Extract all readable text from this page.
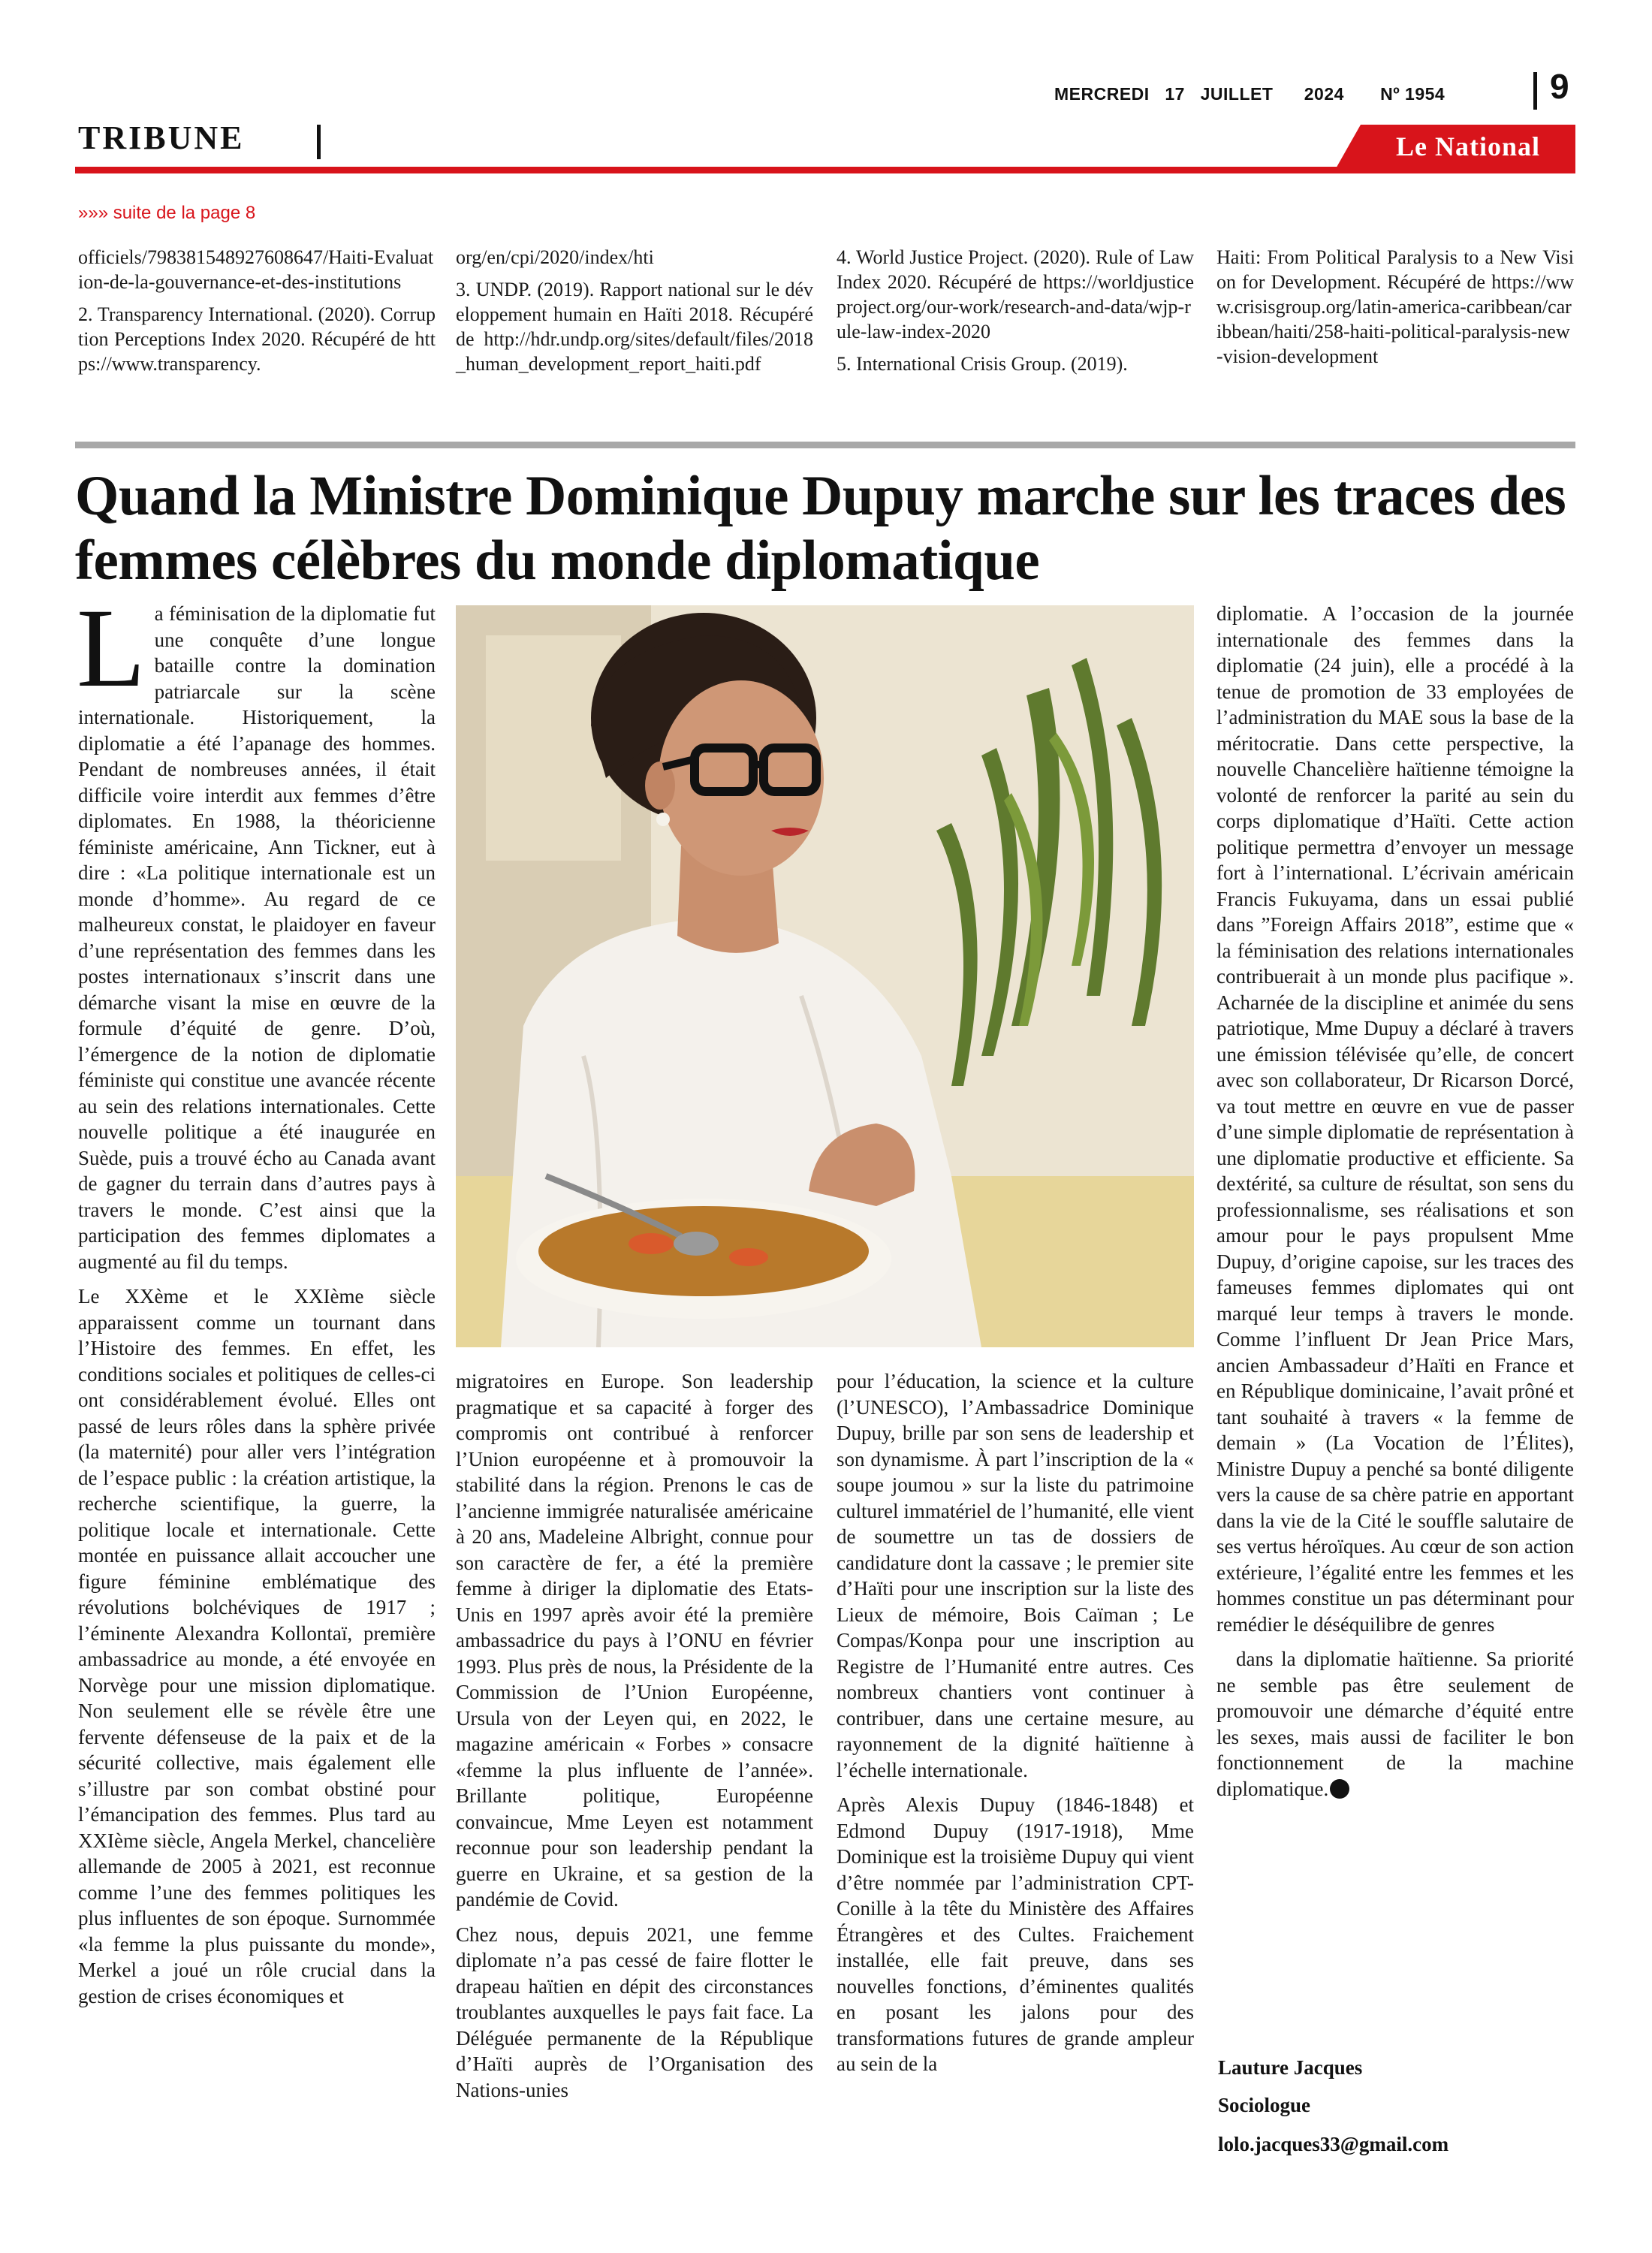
MERCREDI 17 JUILLET 2024 Nº 1954	9
TRIBUNE	Le National
»»» suite de la page 8

officiels/798381548927608647/Haiti-Evaluation-de-la-gouvernance-et-des-institutions

2. Transparency International. (2020). Corruption Perceptions Index 2020. Récupéré de https://www.transparency.

org/en/cpi/2020/index/hti

3. UNDP. (2019). Rapport national sur le développement humain en Haïti 2018. Récupéré de http://hdr.undp.org/sites/default/files/2018_human_development_report_haiti.pdf

4. World Justice Project. (2020). Rule of Law Index 2020. Récupéré de https://worldjusticeproject.org/our-work/research-and-data/wjp-rule-law-index-2020

5. International Crisis Group. (2019).

Haiti: From Political Paralysis to a New Vision for Development. Récupéré de https://www.crisisgroup.org/latin-america-caribbean/caribbean/haiti/258-haiti-political-paralysis-new-vision-development

Quand la Ministre Dominique Dupuy marche sur les traces des femmes célèbres du monde diplomatique

La féminisation de la diplomatie fut une conquête d’une longue bataille contre la domination patriarcale sur la scène internationale. Historiquement, la diplomatie a été l’apanage des hommes. Pendant de nombreuses années, il était difficile voire interdit aux femmes d’être diplomates. En 1988, la théoricienne féministe américaine, Ann Tickner, eut à dire : «La politique internationale est un monde d’homme». Au regard de ce malheureux constat, le plaidoyer en faveur d’une représentation des femmes dans les postes internationaux s’inscrit dans une démarche visant la mise en œuvre de la formule d’équité de genre. D’où, l’émergence de la notion de diplomatie féministe qui constitue une avancée récente au sein des relations internationales. Cette nouvelle politique a été inaugurée en Suède, puis a trouvé écho au Canada avant de gagner du terrain dans d’autres pays à travers le monde. C’est ainsi que la participation des femmes diplomates a augmenté au fil du temps.

Le XXème et le XXIème siècle apparaissent comme un tournant dans l’Histoire des femmes. En effet, les conditions sociales et politiques de celles-ci ont considérablement évolué. Elles ont passé de leurs rôles dans la sphère privée (la maternité) pour aller vers l’intégration de l’espace public : la création artistique, la recherche scientifique, la guerre, la politique locale et internationale. Cette montée en puissance allait accoucher une figure féminine emblématique des révolutions bolchéviques de 1917 ; l’éminente Alexandra Kollontaï, première ambassadrice au monde, a été envoyée en Norvège pour une mission diplomatique. Non seulement elle se révèle être une fervente défenseuse de la paix et de la sécurité collective, mais également elle s’illustre par son combat obstiné pour l’émancipation des femmes. Plus tard au XXIème siècle, Angela Merkel, chancelière allemande de 2005 à 2021, est reconnue comme l’une des femmes politiques les plus influentes de son époque. Surnommée «la femme la plus puissante du monde», Merkel a joué un rôle crucial dans la gestion de crises économiques et

migratoires en Europe. Son leadership pragmatique et sa capacité à forger des compromis ont contribué à renforcer l’Union européenne et à promouvoir la stabilité dans la région. Prenons le cas de l’ancienne immigrée naturalisée américaine à 20 ans, Madeleine Albright, connue pour son caractère de fer, a été la première femme à diriger la diplomatie des Etats-Unis en 1997 après avoir été la première ambassadrice du pays à l’ONU en février 1993. Plus près de nous, la Présidente de la Commission de l’Union Européenne, Ursula von der Leyen qui, en 2022, le magazine américain « Forbes » consacre «femme la plus influente de l’année». Brillante politique, Européenne convaincue, Mme Leyen est notamment reconnue pour son leadership pendant la guerre en Ukraine, et sa gestion de la pandémie de Covid.

Chez nous, depuis 2021, une femme diplomate n’a pas cessé de faire flotter le drapeau haïtien en dépit des circonstances troublantes auxquelles le pays fait face. La Déléguée permanente de la République d’Haïti auprès de l’Organisation des Nations-unies

pour l’éducation, la science et la culture (l’UNESCO), l’Ambassadrice Dominique Dupuy, brille par son sens de leadership et son dynamisme. À part l’inscription de la « soupe joumou » sur la liste du patrimoine culturel immatériel de l’humanité, elle vient de soumettre un tas de dossiers de candidature dont la cassave ; le premier site d’Haïti pour une inscription sur la liste des Lieux de mémoire, Bois Caïman ; Le Compas/Konpa pour une inscription au Registre de l’Humanité entre autres. Ces nombreux chantiers vont continuer à contribuer, dans une certaine mesure, au rayonnement de la dignité haïtienne à l’échelle internationale.

Après Alexis Dupuy (1846-1848) et Edmond Dupuy (1917-1918), Mme Dominique est la troisième Dupuy qui vient d’être nommée par l’administration CPT-Conille à la tête du Ministère des Affaires Étrangères et des Cultes. Fraichement installée, elle fait preuve, dans ses nouvelles fonctions, d’éminentes qualités en posant les jalons pour des transformations futures de grande ampleur au sein de la

diplomatie. A l’occasion de la journée internationale des femmes dans la diplomatie (24 juin), elle a procédé à la tenue de promotion de 33 employées de l’administration du MAE sous la base de la méritocratie. Dans cette perspective, la nouvelle Chancelière haïtienne témoigne la volonté de renforcer la parité au sein du corps diplomatique d’Haïti. Cette action politique permettra d’envoyer un message fort à l’international. L’écrivain américain Francis Fukuyama, dans un essai publié dans ”Foreign Affairs 2018”, estime que « la féminisation des relations internationales contribuerait à un monde plus pacifique ». Acharnée de la discipline et animée du sens patriotique, Mme Dupuy a déclaré à travers une émission télévisée qu’elle, de concert avec son collaborateur, Dr Ricarson Dorcé, va tout mettre en œuvre en vue de passer d’une simple diplomatie de représentation à une diplomatie productive et efficiente. Sa dextérité, sa culture de résultat, son sens du professionnalisme, ses réalisations et son amour pour le pays propulsent Mme Dupuy, d’origine capoise, sur les traces des fameuses femmes diplomates qui ont marqué leur temps à travers le monde. Comme l’influent Dr Jean Price Mars, ancien Ambassadeur d’Haïti en France et en République dominicaine, l’avait prôné et tant souhaité à travers « la femme de demain » (La Vocation de l’Élites), Ministre Dupuy a penché sa bonté diligente vers la cause de sa chère patrie en apportant dans la vie de la Cité le souffle salutaire de ses vertus héroïques. Au cœur de son action extérieure, l’égalité entre les femmes et les hommes constitue un pas déterminant pour remédier le déséquilibre de genres

dans la diplomatie haïtienne. Sa priorité ne semble pas être seulement de promouvoir une démarche d’équité entre les sexes, mais aussi de faciliter le bon fonctionnement de la machine diplomatique.

Lauture Jacques
Sociologue
lolo.jacques33@gmail.com
